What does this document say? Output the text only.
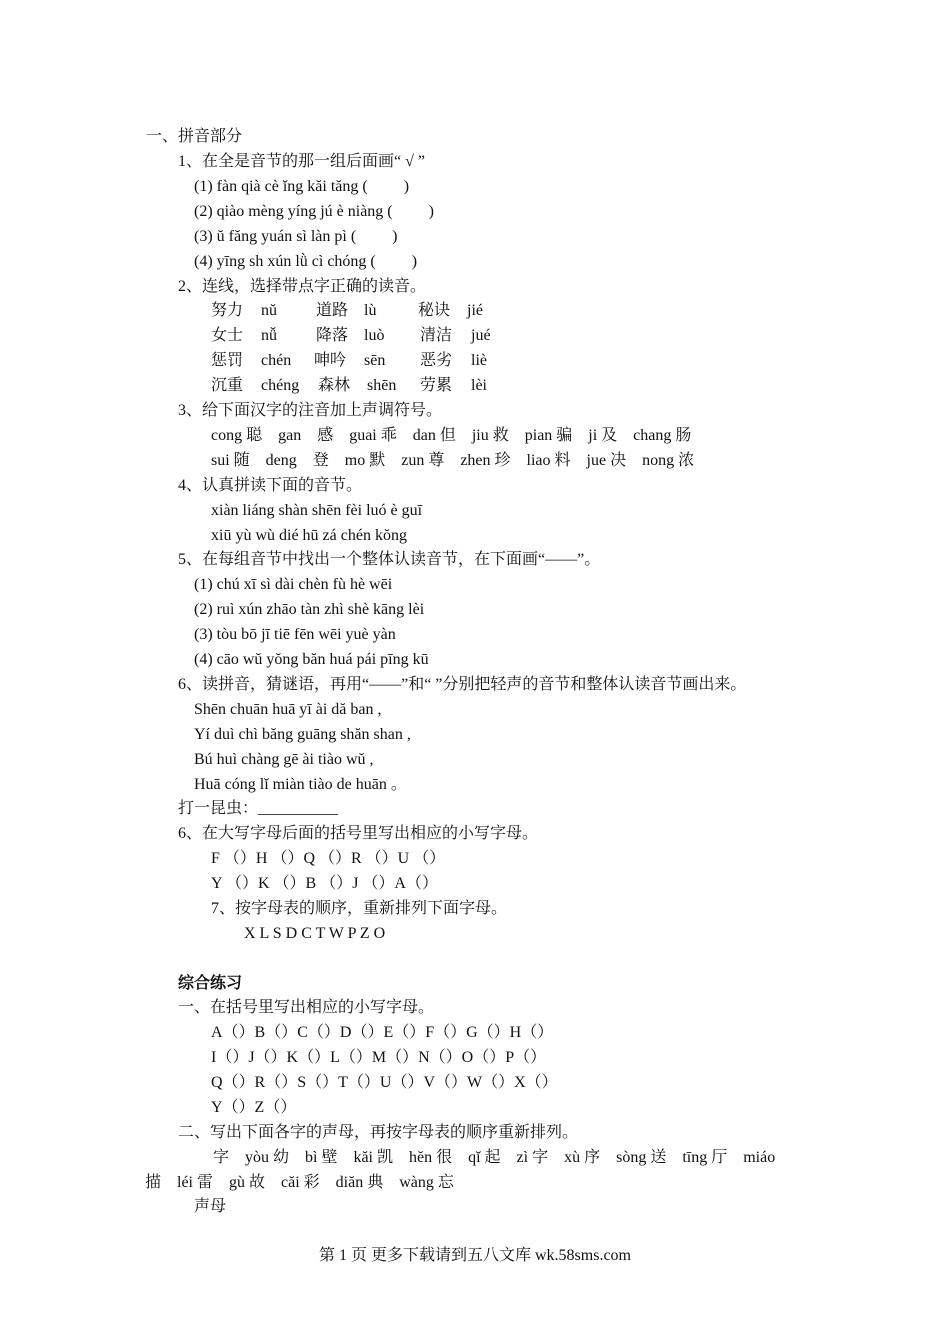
一、拼音部分
1、在全是音节的那一组后面画“ √ ”
(1) fàn qià cè ĭng kăi tăng (         )
(2) qiào mèng yíng jú è niàng (         )
(3) ŭ făng yuán sì làn pì (         )
(4) yīng sh xún lǜ cì chóng (         )
2、连线，选择带点字正确的读音。
努力 nŭ 道路 lù	秘诀 jié
女士 nǚ 降落 luò 清洁 jué
惩罚 chén 呻吟 sēn 恶劣 liè
沉重 chéng 森林 shēn 劳累 lèi
3、给下面汉字的注音加上声调符号。
cong 聪    gan    感    guai 乖    dan 但    jiu 救    pian 骗    ji 及    chang 肠
sui 随    deng    登    mo 默    zun 尊    zhen 珍    liao 料    jue 决    nong 浓
4、认真拼读下面的音节。
xiàn liáng shàn shēn fèi luó è guī
xiū yù wù dié hū zá chén kŏng
5、在每组音节中找出一个整体认读音节，在下面画“——”。
(1) chú xī sì dài chèn fù hè wēi
(2) ruì xún zhāo tàn zhì shè kāng lèi
(3) tòu bō jī tiē fēn wēi yuè yàn
(4) cāo wŭ yŏng băn huá pái pīng kū
6、读拼音，猜谜语，再用“——”和“ ”分别把轻声的音节和整体认读音节画出来。
Shēn chuān huā yī ài dă ban ,
Yí duì chì băng guāng shăn shan ,
Bú huì chàng gē ài tiào wŭ ,
Huā cóng lĭ miàn tiào de huān 。
打一昆虫：__________
6、在大写字母后面的括号里写出相应的小写字母。
F （）H （）Q （）R （）U （）
Y （）K （）B （）J （）A（）
7、按字母表的顺序，重新排列下面字母。
X L S D C T W P Z O
综合练习
一、在括号里写出相应的小写字母。
A（）B（）C（）D（）E（）F（）G（）H（）
I（）J（）K（）L（）M（）N（）O（）P（）
Q（）R（）S（）T（）U（）V（）W（）X（）
Y（）Z（）
二、写出下面各字的声母，再按字母表的顺序重新排列。
字    yòu 幼    bì 壁    kăi 凯    hĕn 很    qĭ 起    zì 字    xù 序    sòng 送    tīng 厅    miáo
描    léi 雷    gù 故    căi 彩    diăn 典    wàng 忘
声母
第 1 页 更多下载请到五八文库 wk.58sms.com
